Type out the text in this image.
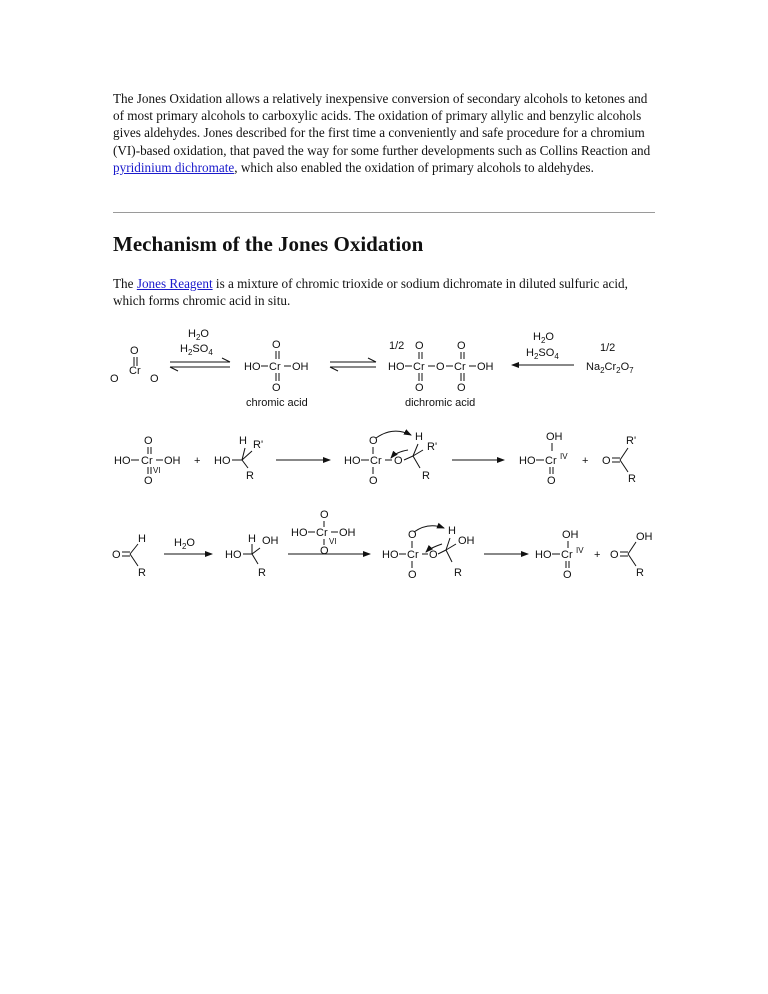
The Jones Oxidation allows a relatively inexpensive conversion of secondary alcohols to ketones and of most primary alcohols to carboxylic acids. The oxidation of primary allylic and benzylic alcohols gives aldehydes. Jones described for the first time a conveniently and safe procedure for a chromium (VI)-based oxidation, that paved the way for some further developments such as Collins Reaction and pyridinium dichromate, which also enabled the oxidation of primary alcohols to aldehydes.

Mechanism of the Jones Oxidation

The Jones Reagent is a mixture of chromic trioxide or sodium dichromate in diluted sulfuric acid, which forms chromic acid in situ.

O
O
Cr
O
$H_2O$
$H_2SO_4$
O
HO Cr OH
O
chromic acid
1/2 O	O
HO Cr O Cr OH
O	O
dichromic acid
$H_2O$
$H_2SO_4$
1/2
$Na_2Cr_2O_7$
O
HO Cr OH
VI
O
+
H R'
HO
R
O
HO Cr O
O
H
R'
R
OH
HO Cr IV
O
+ O
R'
R
O
H
R
$H_2O$
HO
H OH
R
O
HO Cr OH
VI
O
O
HO Cr O
O
H
OH
R
OH
HO Cr IV
O
+ O
OH
R
